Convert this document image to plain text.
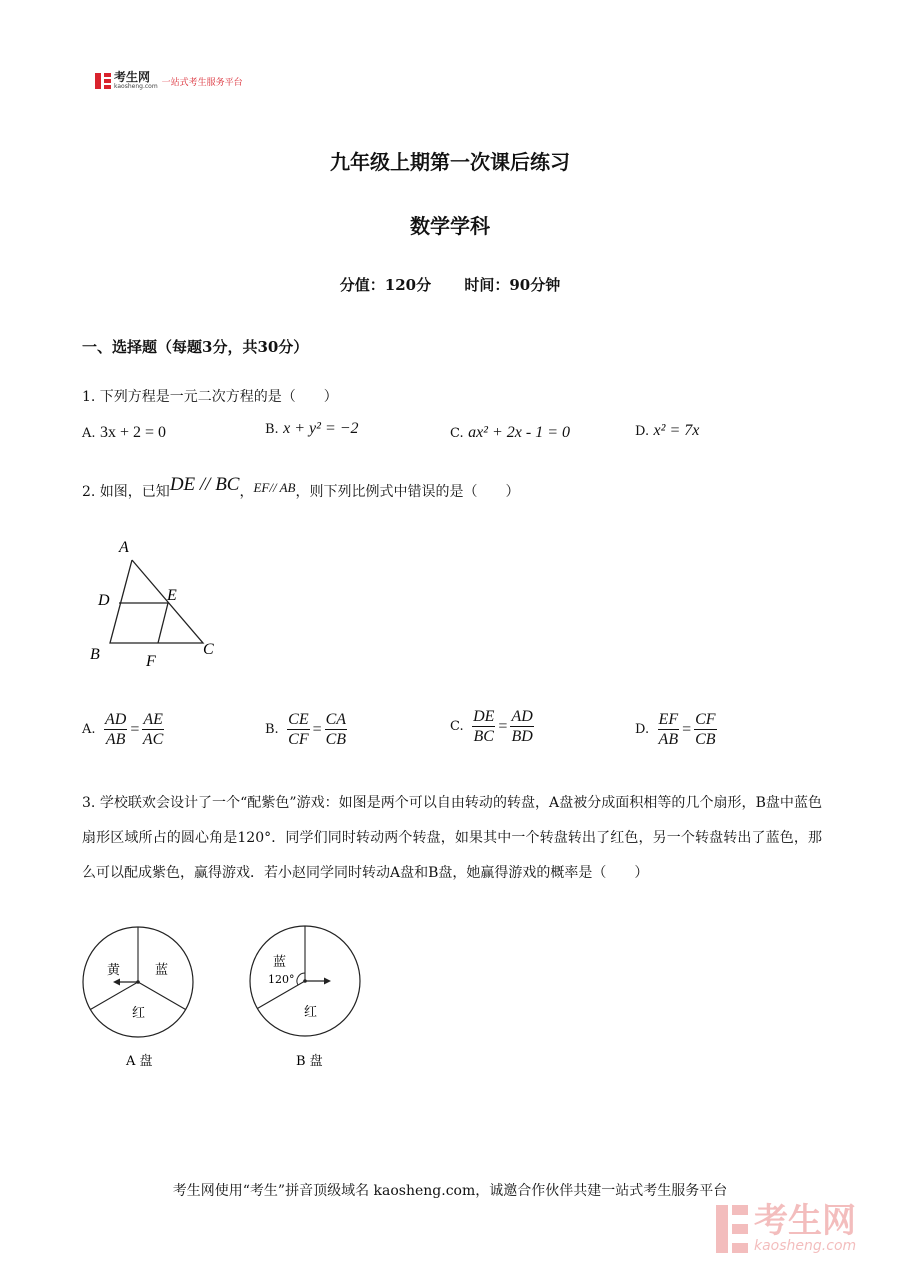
考生网
kaosheng.com 一站式考生服务平台
九年级上期第一次课后练习
数学学科
分值：120分 时间：90分钟
一、选择题（每题3分，共30分）
1. 下列方程是一元二次方程的是（　　）
A. 3x + 2 = 0	B. x + y² = −2	C. ax² + 2x - 1 = 0	D. x² = 7x
2. 如图，已知DE // BC，EF// AB，则下列比例式中错误的是（　　）
A
D	E
B	F
C
A. $\frac{AD}{AB} = \frac{AE}{AC}$	B. $\frac{CE}{CF} = \frac{CA}{CB}$	C. $\frac{DE}{BC} = \frac{AD}{BD}$	D. $\frac{EF}{AB} = \frac{CF}{CB}$
3. 学校联欢会设计了一个“配紫色”游戏：如图是两个可以自由转动的转盘，A盘被分成面积相等的几个扇形，B盘中蓝色扇形区域所占的圆心角是120°．同学们同时转动两个转盘，如果其中一个转盘转出了红色，另一个转盘转出了蓝色，那么可以配成紫色，赢得游戏．若小赵同学同时转动A盘和B盘，她赢得游戏的概率是（　　）
黄	蓝
红
A 盘
蓝
120°
红
B 盘
考生网使用“考生”拼音顶级域名 kaosheng.com，诚邀合作伙伴共建一站式考生服务平台
考生网
kaosheng.com
